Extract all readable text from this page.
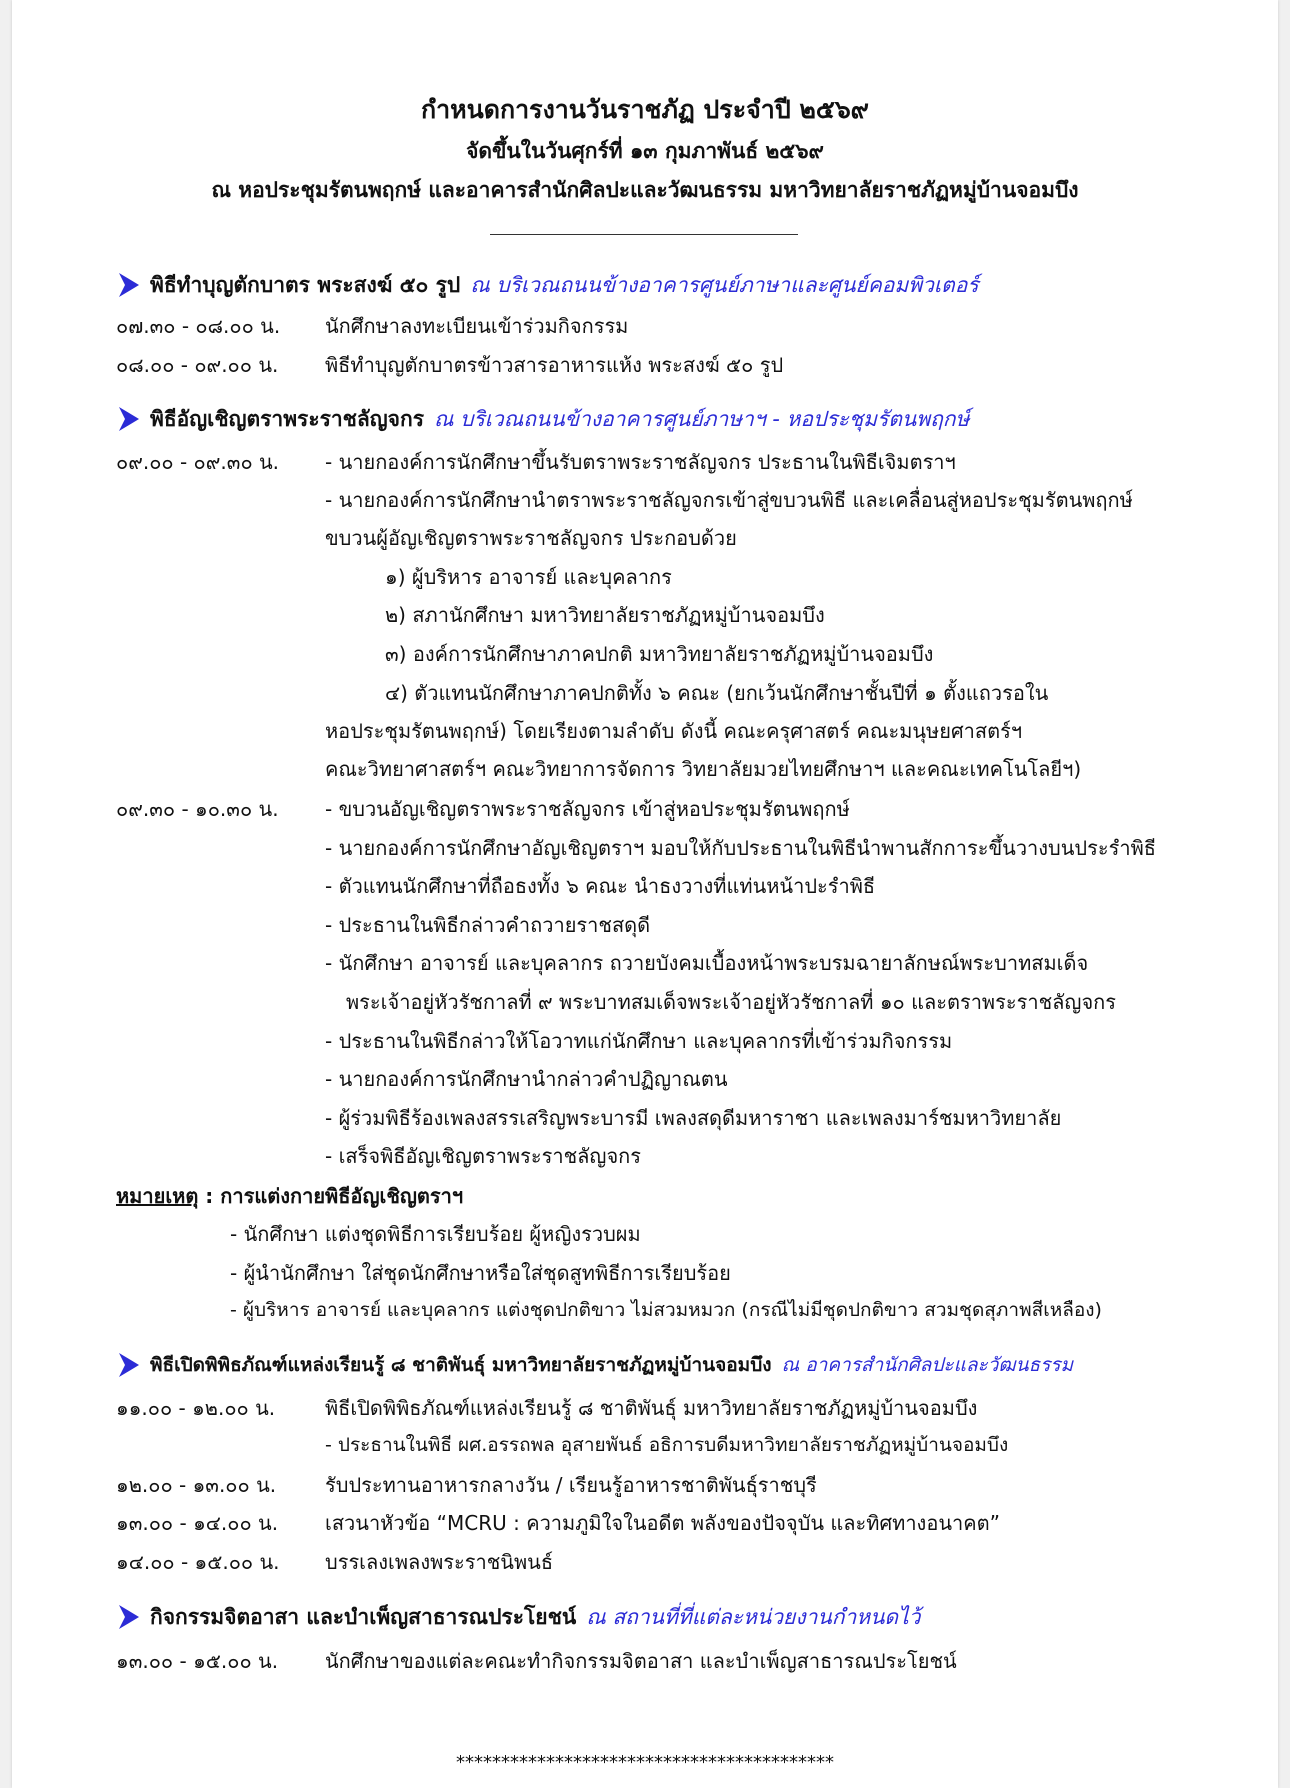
กำหนดการงานวันราชภัฏ ประจำปี ๒๕๖๙
จัดขึ้นในวันศุกร์ที่ ๑๓ กุมภาพันธ์ ๒๕๖๙
ณ หอประชุมรัตนพฤกษ์ และอาคารสำนักศิลปะและวัฒนธรรม มหาวิทยาลัยราชภัฏหมู่บ้านจอมบึง
พิธีทำบุญตักบาตร พระสงฆ์ ๕๐ รูป ณ บริเวณถนนข้างอาคารศูนย์ภาษาและศูนย์คอมพิวเตอร์
๐๗.๓๐ - ๐๘.๐๐ น. นักศึกษาลงทะเบียนเข้าร่วมกิจกรรม
๐๘.๐๐ - ๐๙.๐๐ น. พิธีทำบุญตักบาตรข้าวสารอาหารแห้ง พระสงฆ์ ๕๐ รูป
พิธีอัญเชิญตราพระราชลัญจกร ณ บริเวณถนนข้างอาคารศูนย์ภาษาฯ - หอประชุมรัตนพฤกษ์
๐๙.๐๐ - ๐๙.๓๐ น. - นายกองค์การนักศึกษาขึ้นรับตราพระราชลัญจกร ประธานในพิธีเจิมตราฯ
- นายกองค์การนักศึกษานำตราพระราชลัญจกรเข้าสู่ขบวนพิธี และเคลื่อนสู่หอประชุมรัตนพฤกษ์
ขบวนผู้อัญเชิญตราพระราชลัญจกร ประกอบด้วย
๑) ผู้บริหาร อาจารย์ และบุคลากร
๒) สภานักศึกษา มหาวิทยาลัยราชภัฏหมู่บ้านจอมบึง
๓) องค์การนักศึกษาภาคปกติ มหาวิทยาลัยราชภัฏหมู่บ้านจอมบึง
๔) ตัวแทนนักศึกษาภาคปกติทั้ง ๖ คณะ (ยกเว้นนักศึกษาชั้นปีที่ ๑ ตั้งแถวรอใน
หอประชุมรัตนพฤกษ์) โดยเรียงตามลำดับ ดังนี้ คณะครุศาสตร์ คณะมนุษยศาสตร์ฯ
คณะวิทยาศาสตร์ฯ คณะวิทยาการจัดการ วิทยาลัยมวยไทยศึกษาฯ และคณะเทคโนโลยีฯ)
๐๙.๓๐ - ๑๐.๓๐ น. - ขบวนอัญเชิญตราพระราชลัญจกร เข้าสู่หอประชุมรัตนพฤกษ์
- นายกองค์การนักศึกษาอัญเชิญตราฯ มอบให้กับประธานในพิธีนำพานสักการะขึ้นวางบนประรำพิธี
- ตัวแทนนักศึกษาที่ถือธงทั้ง ๖ คณะ นำธงวางที่แท่นหน้าปะรำพิธี
- ประธานในพิธีกล่าวคำถวายราชสดุดี
- นักศึกษา อาจารย์ และบุคลากร ถวายบังคมเบื้องหน้าพระบรมฉายาลักษณ์พระบาทสมเด็จ
พระเจ้าอยู่หัวรัชกาลที่ ๙ พระบาทสมเด็จพระเจ้าอยู่หัวรัชกาลที่ ๑๐ และตราพระราชลัญจกร
- ประธานในพิธีกล่าวให้โอวาทแก่นักศึกษา และบุคลากรที่เข้าร่วมกิจกรรม
- นายกองค์การนักศึกษานำกล่าวคำปฏิญาณตน
- ผู้ร่วมพิธีร้องเพลงสรรเสริญพระบารมี เพลงสดุดีมหาราชา และเพลงมาร์ชมหาวิทยาลัย
- เสร็จพิธีอัญเชิญตราพระราชลัญจกร
หมายเหตุ : การแต่งกายพิธีอัญเชิญตราฯ
- นักศึกษา แต่งชุดพิธีการเรียบร้อย ผู้หญิงรวบผม
- ผู้นำนักศึกษา ใส่ชุดนักศึกษาหรือใส่ชุดสูทพิธีการเรียบร้อย
- ผู้บริหาร อาจารย์ และบุคลากร แต่งชุดปกติขาว ไม่สวมหมวก (กรณีไม่มีชุดปกติขาว สวมชุดสุภาพสีเหลือง)
พิธีเปิดพิพิธภัณฑ์แหล่งเรียนรู้ ๘ ชาติพันธุ์ มหาวิทยาลัยราชภัฏหมู่บ้านจอมบึง ณ อาคารสำนักศิลปะและวัฒนธรรม
๑๑.๐๐ - ๑๒.๐๐ น. พิธีเปิดพิพิธภัณฑ์แหล่งเรียนรู้ ๘ ชาติพันธุ์ มหาวิทยาลัยราชภัฏหมู่บ้านจอมบึง
- ประธานในพิธี ผศ.อรรถพล อุสายพันธ์ อธิการบดีมหาวิทยาลัยราชภัฏหมู่บ้านจอมบึง
๑๒.๐๐ - ๑๓.๐๐ น. รับประทานอาหารกลางวัน / เรียนรู้อาหารชาติพันธุ์ราชบุรี
๑๓.๐๐ - ๑๔.๐๐ น. เสวนาหัวข้อ “MCRU : ความภูมิใจในอดีต พลังของปัจจุบัน และทิศทางอนาคต”
๑๔.๐๐ - ๑๕.๐๐ น. บรรเลงเพลงพระราชนิพนธ์
กิจกรรมจิตอาสา และบำเพ็ญสาธารณประโยชน์ ณ สถานที่ที่แต่ละหน่วยงานกำหนดไว้
๑๓.๐๐ - ๑๕.๐๐ น. นักศึกษาของแต่ละคณะทำกิจกรรมจิตอาสา และบำเพ็ญสาธารณประโยชน์
******************************************
